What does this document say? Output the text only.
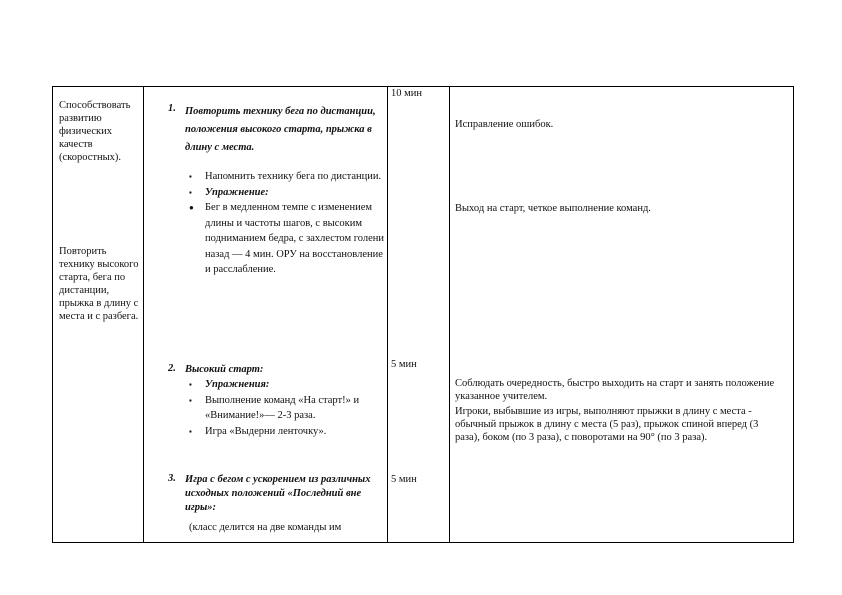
Способствовать развитию физических качеств (скоростных).
Повторить технику высокого старта, бега по дистанции, прыжка в длину с места и с разбега.
1. Повторить технику бега по дистанции, положения высокого старта, прыжка в длину с места.
▪ Напомнить технику бега по дистанции.
▪ Упражнение:
● Бег в медленном темпе с изменением длины и частоты шагов, с высоким подниманием бедра, с захлестом голени назад — 4 мин. ОРУ на восстановление и расслабление.
2. Высокий старт:
▪ Упражнения:
▪ Выполнение команд «На старт!» и «Внимание!»— 2-3 раза.
▪ Игра «Выдерни ленточку».
3. Игра с бегом с ускорением из различных исходных положений «Последний вне игры»:
(класс делится на две команды им
10 мин
5 мин
5 мин
Исправление ошибок.
Выход на старт, четкое выполнение команд.
Соблюдать очередность, быстро выходить на старт и занять положение указанное учителем.
Игроки, выбывшие из игры, выполняют прыжки в длину с места - обычный прыжок в длину с места (5 раз), прыжок спиной вперед (3 раза), боком (по 3 раза), с поворотами на 90° (по 3 раза).
